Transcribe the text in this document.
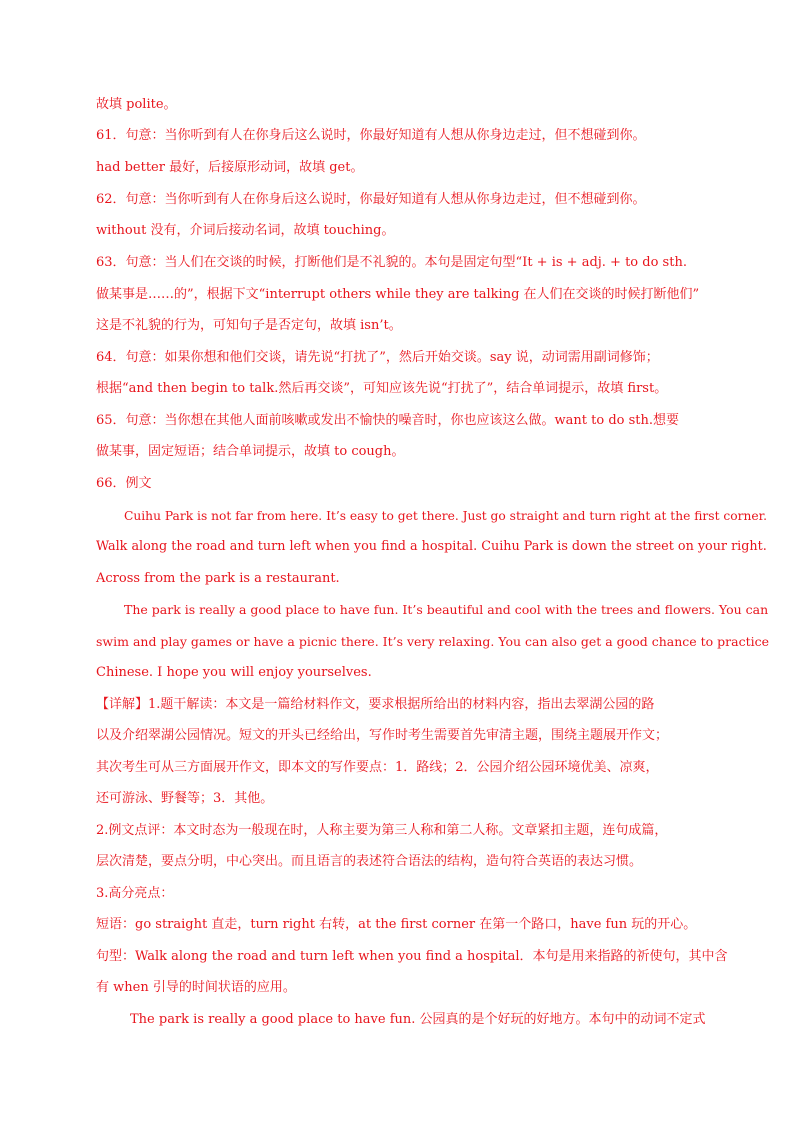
故填 polite。
61．句意：当你听到有人在你身后这么说时，你最好知道有人想从你身边走过，但不想碰到你。
had better 最好，后接原形动词，故填 get。
62．句意：当你听到有人在你身后这么说时，你最好知道有人想从你身边走过，但不想碰到你。
without 没有，介词后接动名词，故填 touching。
63．句意：当人们在交谈的时候，打断他们是不礼貌的。本句是固定句型“It + is + adj. + to do sth.
做某事是……的”，根据下文“interrupt others while they are talking 在人们在交谈的时候打断他们”
这是不礼貌的行为，可知句子是否定句，故填 isn’t。
64．句意：如果你想和他们交谈，请先说“打扰了”，然后开始交谈。say 说，动词需用副词修饰；
根据“and then begin to talk.然后再交谈”，可知应该先说“打扰了”，结合单词提示，故填 first。
65．句意：当你想在其他人面前咳嗽或发出不愉快的噪音时，你也应该这么做。want to do sth.想要
做某事，固定短语；结合单词提示，故填 to cough。
66．例文
Cuihu Park is not far from here. It’s easy to get there. Just go straight and turn right at the first corner.
Walk along the road and turn left when you find a hospital. Cuihu Park is down the street on your right.
Across from the park is a restaurant.
The park is really a good place to have fun. It’s beautiful and cool with the trees and flowers. You can
swim and play games or have a picnic there. It’s very relaxing. You can also get a good chance to practice
Chinese. I hope you will enjoy yourselves.
【详解】1.题干解读：本文是一篇给材料作文，要求根据所给出的材料内容，指出去翠湖公园的路
以及介绍翠湖公园情况。短文的开头已经给出，写作时考生需要首先审清主题，围绕主题展开作文；
其次考生可从三方面展开作文，即本文的写作要点：1．路线；2．公园介绍公园环境优美、凉爽，
还可游泳、野餐等；3．其他。
2.例文点评：本文时态为一般现在时，人称主要为第三人称和第二人称。文章紧扣主题，连句成篇，
层次清楚，要点分明，中心突出。而且语言的表述符合语法的结构，造句符合英语的表达习惯。
3.高分亮点：
短语：go straight 直走，turn right 右转，at the first corner 在第一个路口，have fun 玩的开心。
句型：Walk along the road and turn left when you find a hospital．本句是用来指路的祈使句，其中含
有 when 引导的时间状语的应用。
The park is really a good place to have fun. 公园真的是个好玩的好地方。本句中的动词不定式
